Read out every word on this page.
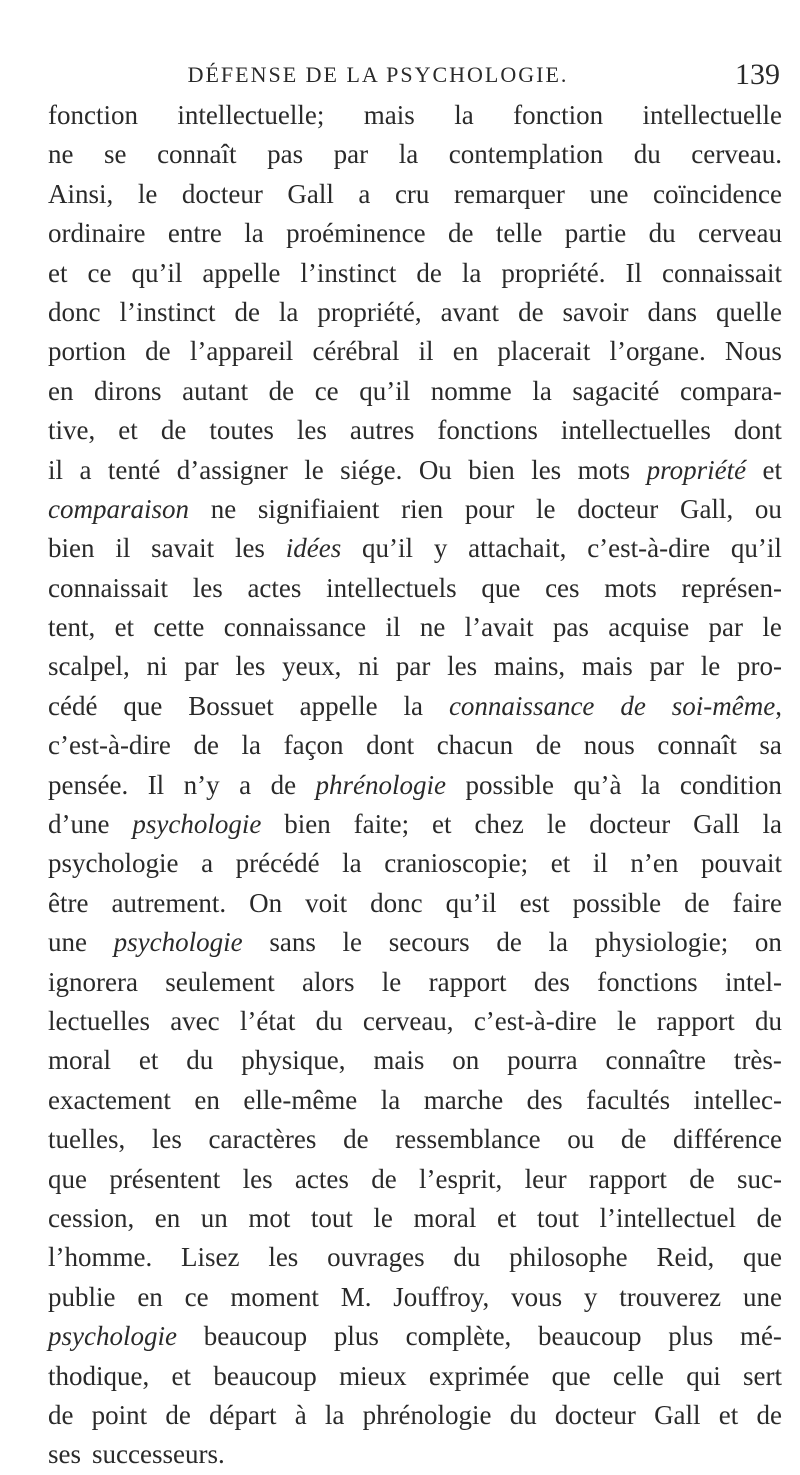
DÉFENSE DE LA PSYCHOLOGIE.	139
fonction intellectuelle; mais la fonction intellectuelle
ne se connaît pas par la contemplation du cerveau.
Ainsi, le docteur Gall a cru remarquer une coïncidence
ordinaire entre la proéminence de telle partie du cerveau
et ce qu’il appelle l’instinct de la propriété. Il connaissait
donc l’instinct de la propriété, avant de savoir dans quelle
portion de l’appareil cérébral il en placerait l’organe. Nous
en dirons autant de ce qu’il nomme la sagacité compara-
tive, et de toutes les autres fonctions intellectuelles dont
il a tenté d’assigner le siége. Ou bien les mots propriété et
comparaison ne signifiaient rien pour le docteur Gall, ou
bien il savait les idées qu’il y attachait, c’est-à-dire qu’il
connaissait les actes intellectuels que ces mots représen-
tent, et cette connaissance il ne l’avait pas acquise par le
scalpel, ni par les yeux, ni par les mains, mais par le pro-
cédé que Bossuet appelle la connaissance de soi-même,
c’est-à-dire de la façon dont chacun de nous connaît sa
pensée. Il n’y a de phrénologie possible qu’à la condition
d’une psychologie bien faite; et chez le docteur Gall la
psychologie a précédé la cranioscopie; et il n’en pouvait
être autrement. On voit donc qu’il est possible de faire
une psychologie sans le secours de la physiologie; on
ignorera seulement alors le rapport des fonctions intel-
lectuelles avec l’état du cerveau, c’est-à-dire le rapport du
moral et du physique, mais on pourra connaître très-
exactement en elle-même la marche des facultés intellec-
tuelles, les caractères de ressemblance ou de différence
que présentent les actes de l’esprit, leur rapport de suc-
cession, en un mot tout le moral et tout l’intellectuel de
l’homme. Lisez les ouvrages du philosophe Reid, que
publie en ce moment M. Jouffroy, vous y trouverez une
psychologie beaucoup plus complète, beaucoup plus mé-
thodique, et beaucoup mieux exprimée que celle qui sert
de point de départ à la phrénologie du docteur Gall et de
ses successeurs.
